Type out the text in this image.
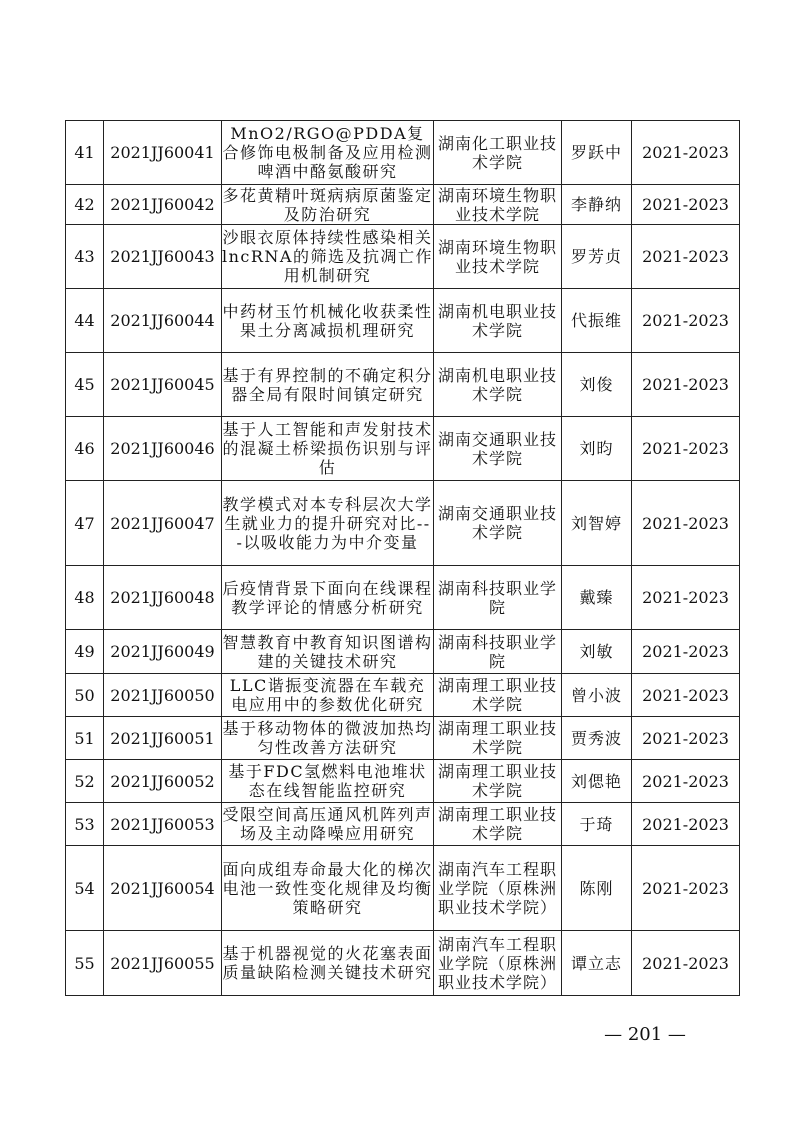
41	2021JJ60041	MnO2/RGO@PDDA复合修饰电极制备及应用检测啤酒中酪氨酸研究	湖南化工职业技术学院	罗跃中	2021-2023
42	2021JJ60042	多花黄精叶斑病病原菌鉴定及防治研究	湖南环境生物职业技术学院	李静纳	2021-2023
43	2021JJ60043	沙眼衣原体持续性感染相关lncRNA的筛选及抗凋亡作用机制研究	湖南环境生物职业技术学院	罗芳贞	2021-2023
44	2021JJ60044	中药材玉竹机械化收获柔性果土分离减损机理研究	湖南机电职业技术学院	代振维	2021-2023
45	2021JJ60045	基于有界控制的不确定积分器全局有限时间镇定研究	湖南机电职业技术学院	刘俊	2021-2023
46	2021JJ60046	基于人工智能和声发射技术的混凝土桥梁损伤识别与评估	湖南交通职业技术学院	刘昀	2021-2023
47	2021JJ60047	教学模式对本专科层次大学生就业力的提升研究对比---以吸收能力为中介变量	湖南交通职业技术学院	刘智婷	2021-2023
48	2021JJ60048	后疫情背景下面向在线课程教学评论的情感分析研究	湖南科技职业学院	戴臻	2021-2023
49	2021JJ60049	智慧教育中教育知识图谱构建的关键技术研究	湖南科技职业学院	刘敏	2021-2023
50	2021JJ60050	LLC谐振变流器在车载充电应用中的参数优化研究	湖南理工职业技术学院	曾小波	2021-2023
51	2021JJ60051	基于移动物体的微波加热均匀性改善方法研究	湖南理工职业技术学院	贾秀波	2021-2023
52	2021JJ60052	基于FDC氢燃料电池堆状态在线智能监控研究	湖南理工职业技术学院	刘偲艳	2021-2023
53	2021JJ60053	受限空间高压通风机阵列声场及主动降噪应用研究	湖南理工职业技术学院	于琦	2021-2023
54	2021JJ60054	面向成组寿命最大化的梯次电池一致性变化规律及均衡策略研究	湖南汽车工程职业学院（原株洲职业技术学院）	陈刚	2021-2023
55	2021JJ60055	基于机器视觉的火花塞表面质量缺陷检测关键技术研究	湖南汽车工程职业学院（原株洲职业技术学院）	谭立志	2021-2023
— 201 —
